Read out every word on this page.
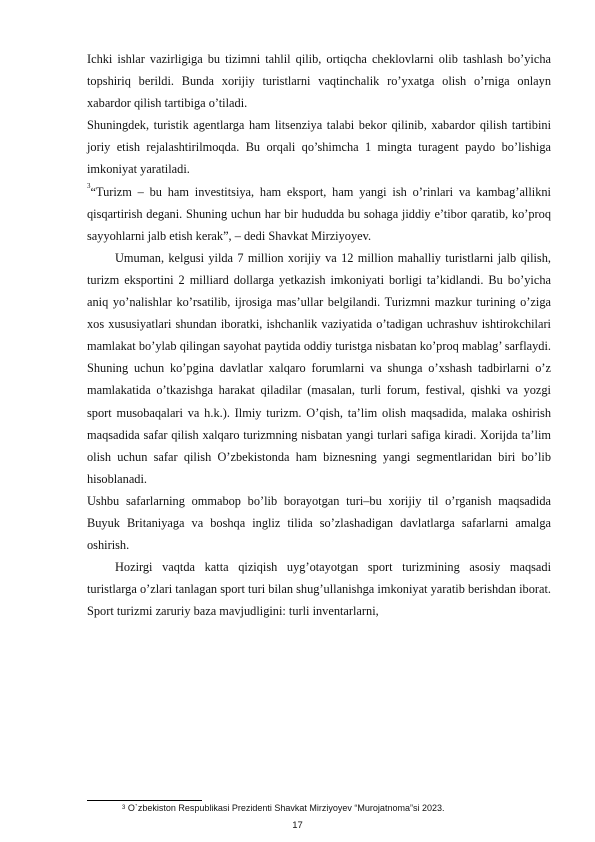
Ichki ishlar vazirligiga bu tizimni tahlil qilib, ortiqcha cheklovlarni olib tashlash bo’yicha topshiriq berildi. Bunda xorijiy turistlarni vaqtinchalik ro’yxatga olish o’rniga onlayn xabardor qilish tartibiga o’tiladi.

Shuningdek, turistik agentlarga ham litsenziya talabi bekor qilinib, xabardor qilish tartibini joriy etish rejalashtirilmoqda. Bu orqali qo’shimcha 1 mingta turagent paydo bo’lishiga imkoniyat yaratiladi.

$^3$“Turizm – bu ham investitsiya, ham eksport, ham yangi ish o’rinlari va kambag’allikni qisqartirish degani. Shuning uchun har bir hududda bu sohaga jiddiy e’tibor qaratib, ko’proq sayyohlarni jalb etish kerak”, – dedi Shavkat Mirziyoyev.

Umuman, kelgusi yilda 7 million xorijiy va 12 million mahalliy turistlarni jalb qilish, turizm eksportini 2 milliard dollarga yetkazish imkoniyati borligi ta’kidlandi. Bu bo’yicha aniq yo’nalishlar ko’rsatilib, ijrosiga mas’ullar belgilandi. Turizmni mazkur turining o’ziga xos xususiyatlari shundan iboratki, ishchanlik vaziyatida o’tadigan uchrashuv ishtirokchilari mamlakat bo’ylab qilingan sayohat paytida oddiy turistga nisbatan ko’proq mablag’ sarflaydi. Shuning uchun ko’pgina davlatlar xalqaro forumlarni va shunga o’xshash tadbirlarni o’z mamlakatida o’tkazishga harakat qiladilar (masalan, turli forum, festival, qishki va yozgi sport musobaqalari va h.k.). Ilmiy turizm. O’qish, ta’lim olish maqsadida, malaka oshirish maqsadida safar qilish xalqaro turizmning nisbatan yangi turlari safiga kiradi. Xorijda ta’lim olish uchun safar qilish O’zbekistonda ham biznesning yangi segmentlaridan biri bo’lib hisoblanadi.

Ushbu safarlarning ommabop bo’lib borayotgan turi–bu xorijiy til o’rganish maqsadida Buyuk Britaniyaga va boshqa ingliz tilida so’zlashadigan davlatlarga safarlarni amalga oshirish.

Hozirgi vaqtda katta qiziqish uyg’otayotgan sport turizmining asosiy maqsadi turistlarga o’zlari tanlagan sport turi bilan shug’ullanishga imkoniyat yaratib berishdan iborat. Sport turizmi zaruriy baza mavjudligini: turli inventarlarni,

$^3$ O`zbekiston Respublikasi Prezidenti Shavkat Mirziyoyev “Murojatnoma”si 2023.
17
